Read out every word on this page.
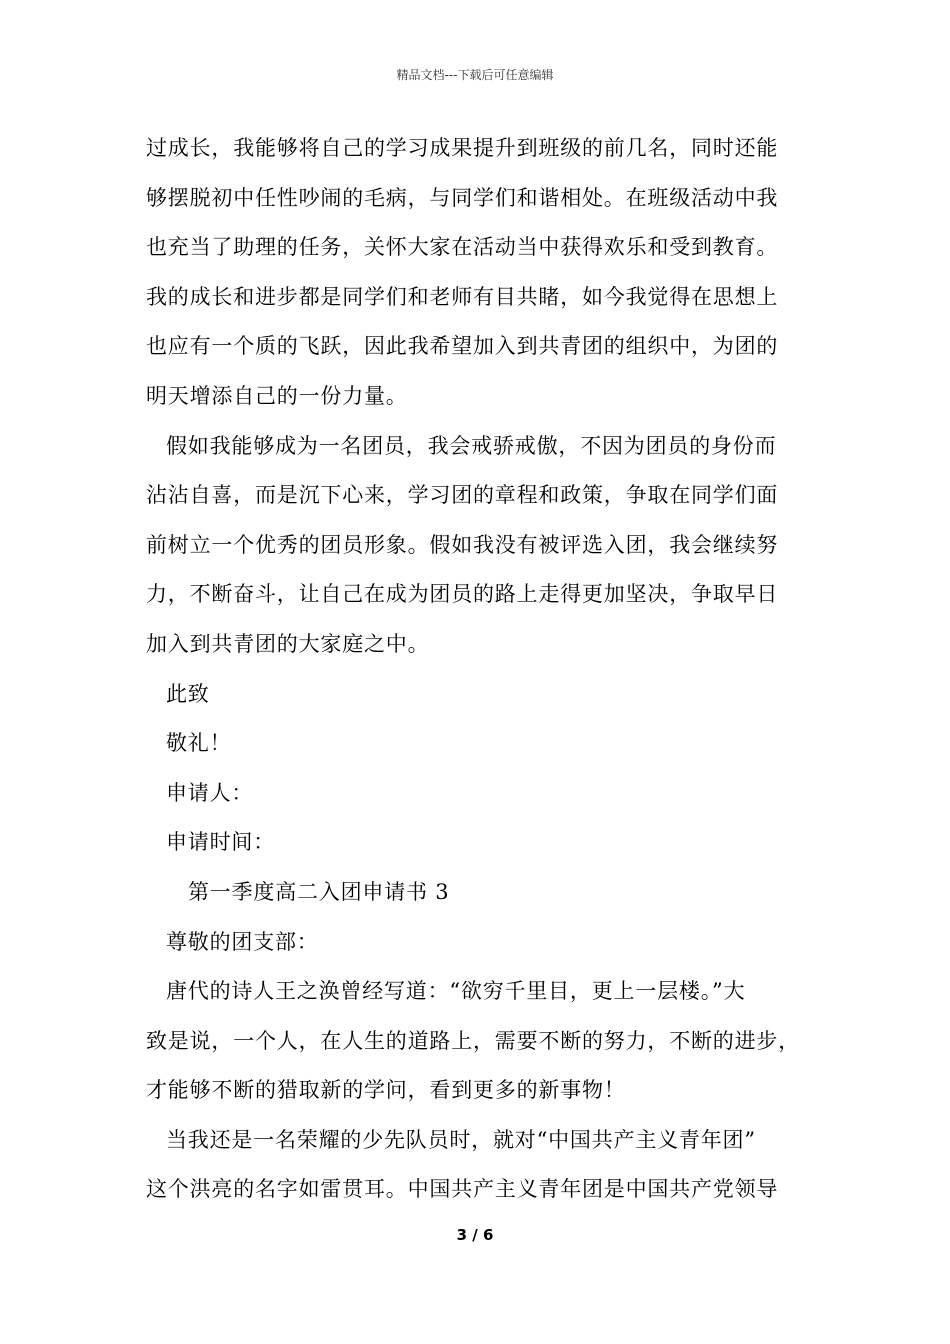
精品文档---下载后可任意编辑
过成长，我能够将自己的学习成果提升到班级的前几名，同时还能
够摆脱初中任性吵闹的毛病，与同学们和谐相处。在班级活动中我
也充当了助理的任务，关怀大家在活动当中获得欢乐和受到教育。
我的成长和进步都是同学们和老师有目共睹，如今我觉得在思想上
也应有一个质的飞跃，因此我希望加入到共青团的组织中，为团的
明天增添自己的一份力量。
假如我能够成为一名团员，我会戒骄戒傲，不因为团员的身份而
沾沾自喜，而是沉下心来，学习团的章程和政策，争取在同学们面
前树立一个优秀的团员形象。假如我没有被评选入团，我会继续努
力，不断奋斗，让自己在成为团员的路上走得更加坚决，争取早日
加入到共青团的大家庭之中。
此致
敬礼！
申请人：
申请时间：
第一季度高二入团申请书 3
尊敬的团支部：
唐代的诗人王之涣曾经写道：“欲穷千里目，更上一层楼。”大
致是说，一个人，在人生的道路上，需要不断的努力，不断的进步，
才能够不断的猎取新的学问，看到更多的新事物！
当我还是一名荣耀的少先队员时，就对“中国共产主义青年团”
这个洪亮的名字如雷贯耳。中国共产主义青年团是中国共产党领导
3 / 6
